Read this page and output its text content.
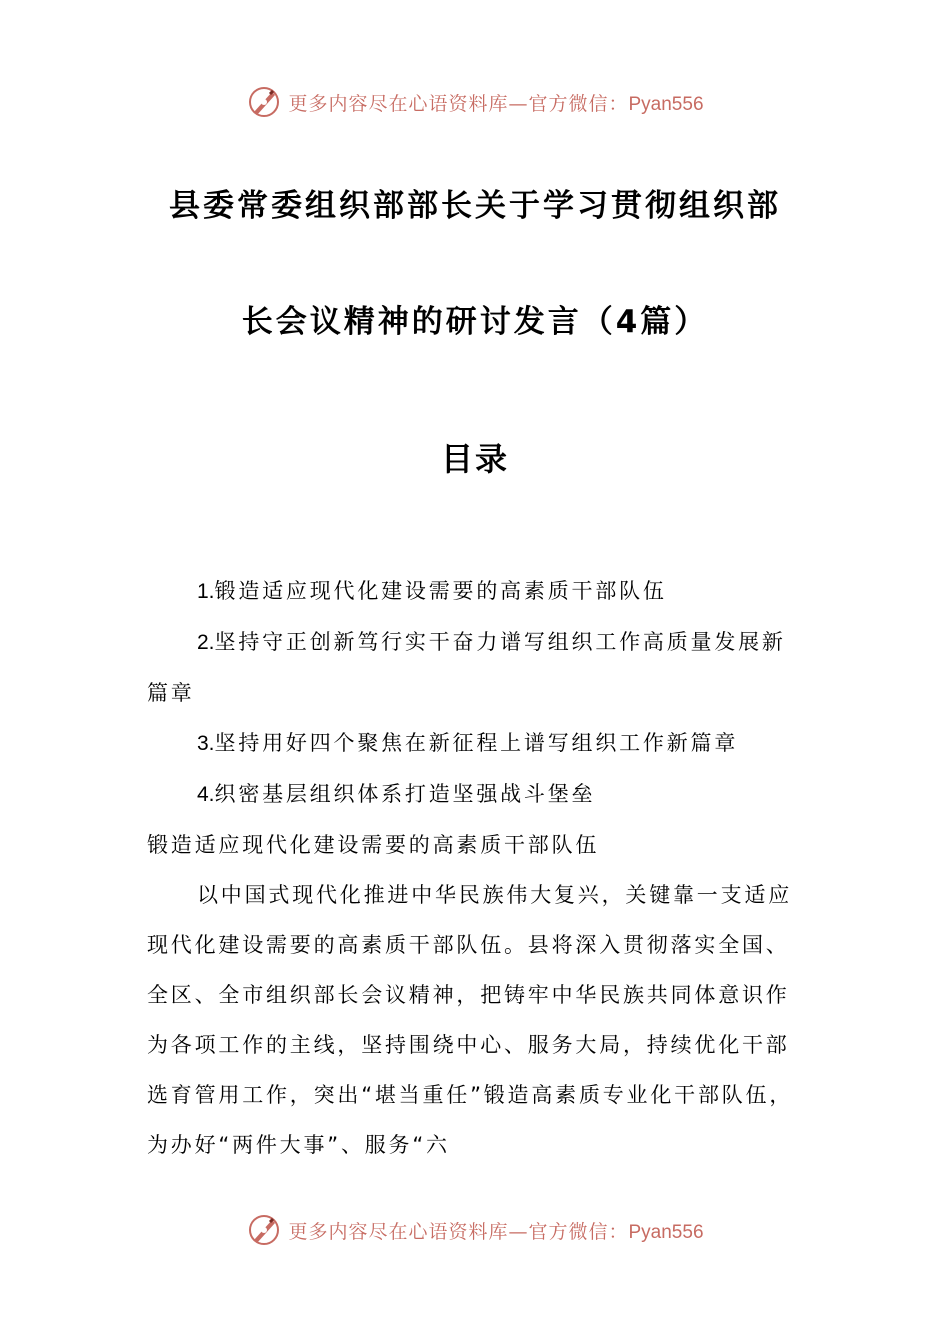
更多内容尽在心语资料库—官方微信：Pyan556
县委常委组织部部长关于学习贯彻组织部
长会议精神的研讨发言（4篇）
目录

1.锻造适应现代化建设需要的高素质干部队伍

2.坚持守正创新笃行实干奋力谱写组织工作高质量发展新篇章

3.坚持用好四个聚焦在新征程上谱写组织工作新篇章

4.织密基层组织体系打造坚强战斗堡垒

锻造适应现代化建设需要的高素质干部队伍

以中国式现代化推进中华民族伟大复兴，关键靠一支适应现代化建设需要的高素质干部队伍。县将深入贯彻落实全国、全区、全市组织部长会议精神，把铸牢中华民族共同体意识作为各项工作的主线，坚持围绕中心、服务大局，持续优化干部选育管用工作，突出“堪当重任”锻造高素质专业化干部队伍，为办好“两件大事”、服务“六

更多内容尽在心语资料库—官方微信：Pyan556
